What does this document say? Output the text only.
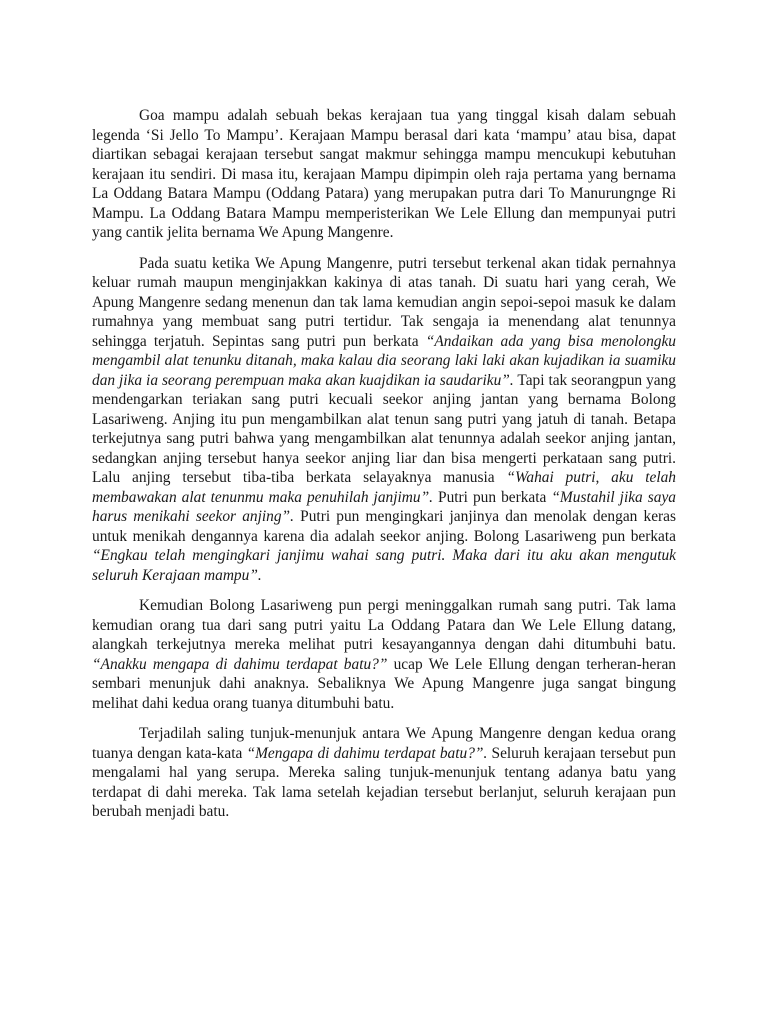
Goa mampu adalah sebuah bekas kerajaan tua yang tinggal kisah dalam sebuah legenda ‘Si Jello To Mampu’. Kerajaan Mampu berasal dari kata ‘mampu’ atau bisa, dapat diartikan sebagai kerajaan tersebut sangat makmur sehingga mampu mencukupi kebutuhan kerajaan itu sendiri. Di masa itu, kerajaan Mampu dipimpin oleh raja pertama yang bernama La Oddang Batara Mampu (Oddang Patara) yang merupakan putra dari To Manurungnge Ri Mampu. La Oddang Batara Mampu memperisterikan We Lele Ellung dan mempunyai putri yang cantik jelita bernama We Apung Mangenre.

Pada suatu ketika We Apung Mangenre, putri tersebut terkenal akan tidak pernahnya keluar rumah maupun menginjakkan kakinya di atas tanah. Di suatu hari yang cerah, We Apung Mangenre sedang menenun dan tak lama kemudian angin sepoi-sepoi masuk ke dalam rumahnya yang membuat sang putri tertidur. Tak sengaja ia menendang alat tenunnya sehingga terjatuh. Sepintas sang putri pun berkata “Andaikan ada yang bisa menolongku mengambil alat tenunku ditanah, maka kalau dia seorang laki laki akan kujadikan ia suamiku dan jika ia seorang perempuan maka akan kuajdikan ia saudariku”. Tapi tak seorangpun yang mendengarkan teriakan sang putri kecuali seekor anjing jantan yang bernama Bolong Lasariweng. Anjing itu pun mengambilkan alat tenun sang putri yang jatuh di tanah. Betapa terkejutnya sang putri bahwa yang mengambilkan alat tenunnya adalah seekor anjing jantan, sedangkan anjing tersebut hanya seekor anjing liar dan bisa mengerti perkataan sang putri. Lalu anjing tersebut tiba-tiba berkata selayaknya manusia “Wahai putri, aku telah membawakan alat tenunmu maka penuhilah janjimu”. Putri pun berkata “Mustahil jika saya harus menikahi seekor anjing”. Putri pun mengingkari janjinya dan menolak dengan keras untuk menikah dengannya karena dia adalah seekor anjing. Bolong Lasariweng pun berkata “Engkau telah mengingkari janjimu wahai sang putri. Maka dari itu aku akan mengutuk seluruh Kerajaan mampu”.

Kemudian Bolong Lasariweng pun pergi meninggalkan rumah sang putri. Tak lama kemudian orang tua dari sang putri yaitu La Oddang Patara dan We Lele Ellung datang, alangkah terkejutnya mereka melihat putri kesayangannya dengan dahi ditumbuhi batu. “Anakku mengapa di dahimu terdapat batu?” ucap We Lele Ellung dengan terheran-heran sembari menunjuk dahi anaknya. Sebaliknya We Apung Mangenre juga sangat bingung melihat dahi kedua orang tuanya ditumbuhi batu.

Terjadilah saling tunjuk-menunjuk antara We Apung Mangenre dengan kedua orang tuanya dengan kata-kata “Mengapa di dahimu terdapat batu?”. Seluruh kerajaan tersebut pun mengalami hal yang serupa. Mereka saling tunjuk-menunjuk tentang adanya batu yang terdapat di dahi mereka. Tak lama setelah kejadian tersebut berlanjut, seluruh kerajaan pun berubah menjadi batu.
